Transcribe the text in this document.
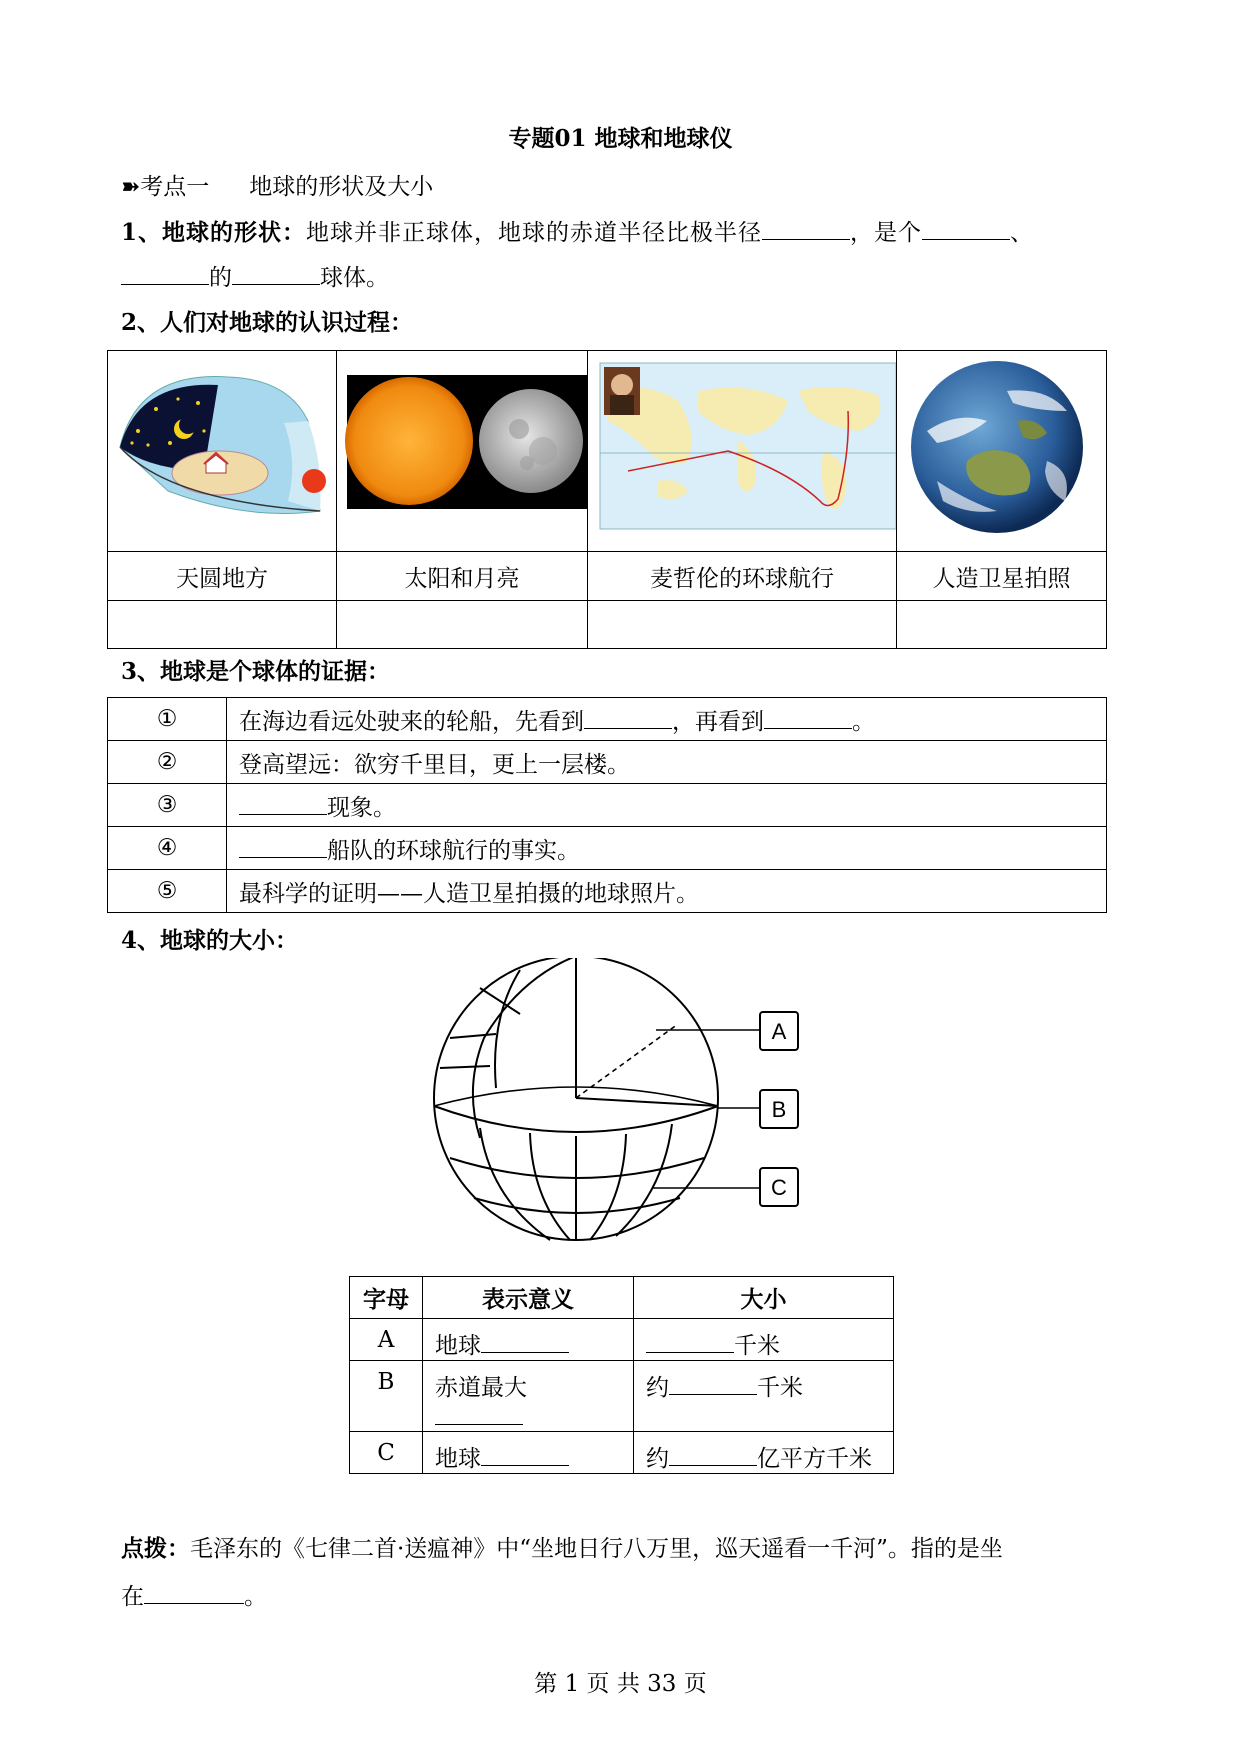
专题01 地球和地球仪
➽考点一 地球的形状及大小
1、地球的形状：地球并非正球体，地球的赤道半径比极半径	，是个	、
的	球体。
2、人们对地球的认识过程：

天圆地方	太阳和月亮	麦哲伦的环球航行	人造卫星拍照

3、地球是个球体的证据：
①	在海边看远处驶来的轮船，先看到 ，再看到 。
②	登高望远：欲穷千里目，更上一层楼。
③	现象。
④	船队的环球航行的事实。
⑤	最科学的证明——人造卫星拍摄的地球照片。
4、地球的大小：
A
B
C
字母	表示意义	大小
A	地球	千米
B	赤道最大	约 千米
C	地球	约 亿平方千米
点拨：毛泽东的《七律二首·送瘟神》中“坐地日行八万里，巡天遥看一千河”。指的是坐
在	。
第 1 页 共 33 页
